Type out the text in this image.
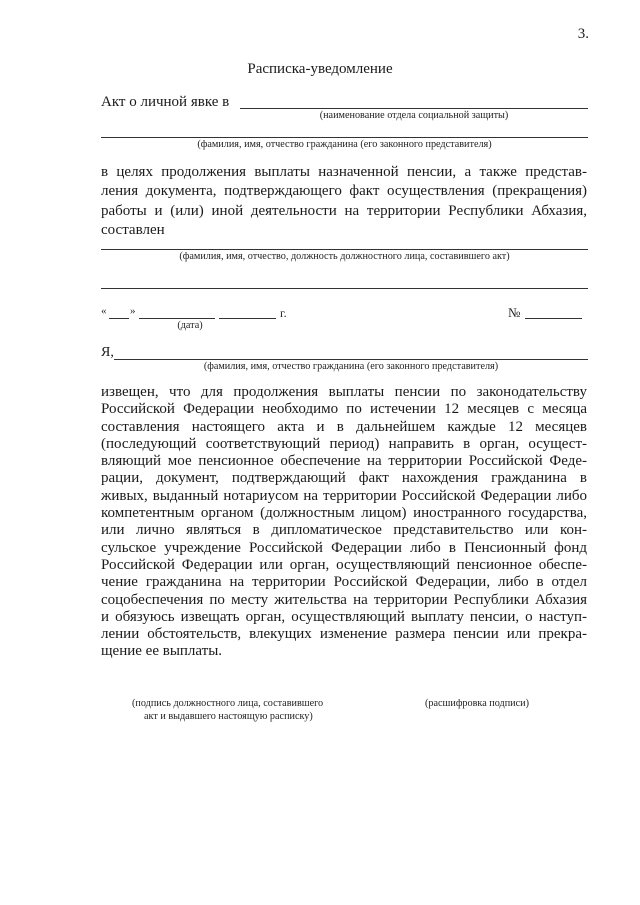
3.
Расписка-уведомление
Акт о личной явке в
(наименование отдела социальной защиты)
(фамилия, имя, отчество гражданина (его законного представителя)
в целях продолжения выплаты назначенной пенсии, а также представ-
ления документа, подтверждающего факт осуществления (прекращения)
работы и (или) иной деятельности на территории Республики Абхазия,
составлен
(фамилия, имя, отчество, должность должностного лица, составившего акт)
« »	г.
(дата)
№
Я,
(фамилия, имя, отчество гражданина (его законного представителя)
извещен, что для продолжения выплаты пенсии по законодательству
Российской Федерации необходимо по истечении 12 месяцев с месяца
составления настоящего акта и в дальнейшем каждые 12 месяцев
(последующий соответствующий период) направить в орган, осущест-
вляющий мое пенсионное обеспечение на территории Российской Феде-
рации, документ, подтверждающий факт нахождения гражданина в
живых, выданный нотариусом на территории Российской Федерации либо
компетентным органом (должностным лицом) иностранного государства,
или лично являться в дипломатическое представительство или кон-
сульское учреждение Российской Федерации либо в Пенсионный фонд
Российской Федерации или орган, осуществляющий пенсионное обеспе-
чение гражданина на территории Российской Федерации, либо в отдел
соцобеспечения по месту жительства на территории Республики Абхазия
и обязуюсь извещать орган, осуществляющий выплату пенсии, о наступ-
лении обстоятельств, влекущих изменение размера пенсии или прекра-
щение ее выплаты.
(подпись должностного лица, составившего
акт и выдавшего настоящую расписку)
(расшифровка подписи)
